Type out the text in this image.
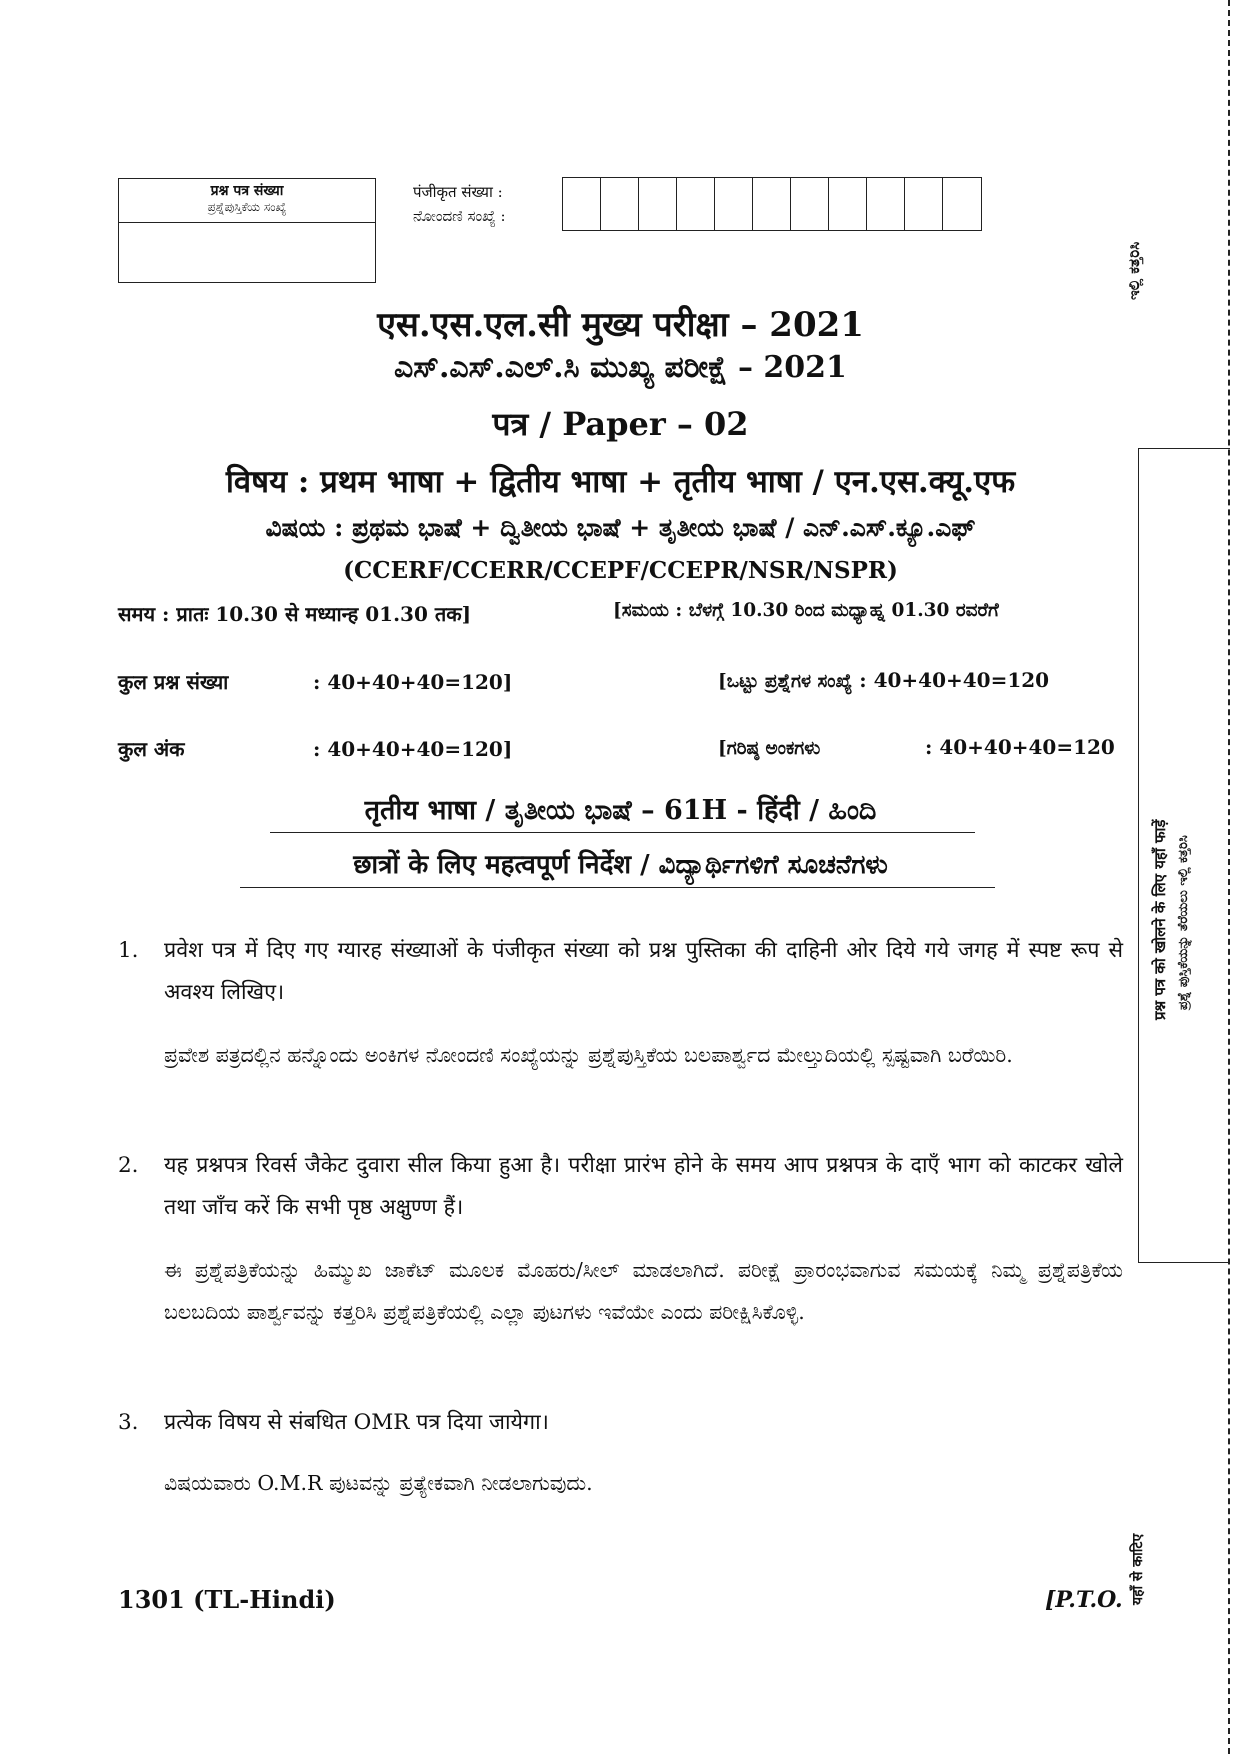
प्रश्न पत्र संख्या
ಪ್ರಶ್ನೆಪುಸ್ತಿಕೆಯ ಸಂಖ್ಯೆ
पंजीकृत संख्या :
ನೋಂದಣಿ ಸಂಖ್ಯೆ :
एस.एस.एल.सी मुख्य परीक्षा – 2021
ಎಸ್.ಎಸ್.ಎಲ್.ಸಿ ಮುಖ್ಯ ಪರೀಕ್ಷೆ – 2021
पत्र / Paper – 02
विषय : प्रथम भाषा + द्वितीय भाषा + तृतीय भाषा / एन.एस.क्यू.एफ
ವಿಷಯ : ಪ್ರಥಮ ಭಾಷೆ + ದ್ವಿತೀಯ ಭಾಷೆ + ತೃತೀಯ ಭಾಷೆ / ಎನ್.ಎಸ್.ಕ್ಯೂ.ಎಫ್
(CCERF/CCERR/CCEPF/CCEPR/NSR/NSPR)
समय : प्रातः 10.30 से मध्यान्ह 01.30 तक]	[ಸಮಯ : ಬೆಳಗ್ಗೆ 10.30 ರಿಂದ ಮಧ್ಯಾಹ್ನ 01.30 ರವರೆಗೆ
कुल प्रश्न संख्या	: 40+40+40=120]	[ಒಟ್ಟು ಪ್ರಶ್ನೆಗಳ ಸಂಖ್ಯೆ : 40+40+40=120
कुल अंक	: 40+40+40=120]	[ಗರಿಷ್ಠ ಅಂಕಗಳು	: 40+40+40=120
तृतीय भाषा / ತೃತೀಯ ಭಾಷೆ – 61H - हिंदी / ಹಿಂದಿ
छात्रों के लिए महत्वपूर्ण निर्देश / ವಿದ್ಯಾರ್ಥಿಗಳಿಗೆ ಸೂಚನೆಗಳು
1.	प्रवेश पत्र में दिए गए ग्यारह संख्याओं के पंजीकृत संख्या को प्रश्न पुस्तिका की दाहिनी ओर दिये गये जगह में स्पष्ट रूप से अवश्य लिखिए।
ಪ್ರವೇಶ ಪತ್ರದಲ್ಲಿನ ಹನ್ನೊಂದು ಅಂಕಿಗಳ ನೋಂದಣಿ ಸಂಖ್ಯೆಯನ್ನು ಪ್ರಶ್ನೆಪುಸ್ತಿಕೆಯ ಬಲಪಾರ್ಶ್ವದ ಮೇಲ್ತುದಿಯಲ್ಲಿ ಸ್ಪಷ್ಟವಾಗಿ ಬರೆಯಿರಿ.
2.	यह प्रश्नपत्र रिवर्स जैकेट दुवारा सील किया हुआ है। परीक्षा प्रारंभ होने के समय आप प्रश्नपत्र के दाएँ भाग को काटकर खोले तथा जाँच करें कि सभी पृष्ठ अक्षुण्ण हैं।
ಈ ಪ್ರಶ್ನೆಪತ್ರಿಕೆಯನ್ನು ಹಿಮ್ಮುಖ ಜಾಕೆಟ್ ಮೂಲಕ ಮೊಹರು/ಸೀಲ್ ಮಾಡಲಾಗಿದೆ. ಪರೀಕ್ಷೆ ಪ್ರಾರಂಭವಾಗುವ ಸಮಯಕ್ಕೆ ನಿಮ್ಮ ಪ್ರಶ್ನೆಪತ್ರಿಕೆಯ ಬಲಬದಿಯ ಪಾರ್ಶ್ವವನ್ನು ಕತ್ತರಿಸಿ ಪ್ರಶ್ನೆಪತ್ರಿಕೆಯಲ್ಲಿ ಎಲ್ಲಾ ಪುಟಗಳು ಇವೆಯೇ ಎಂದು ಪರೀಕ್ಷಿಸಿಕೊಳ್ಳಿ.
3.	प्रत्येक विषय से संबधित OMR पत्र दिया जायेगा।
ವಿಷಯವಾರು O.M.R ಪುಟವನ್ನು ಪ್ರತ್ಯೇಕವಾಗಿ ನೀಡಲಾಗುವುದು.
1301 (TL-Hindi)	[P.T.O.
ಇಲ್ಲಿ ಕತ್ತರಿಸಿ
प्रश्न पत्र को खोलने के लिए यहाँ फाड़ें ಪ್ರಶ್ನೆ ಪುಸ್ತಿಕೆಯನ್ನು ತೆರೆಯಲು ಇಲ್ಲಿ ಕತ್ತರಿಸಿ
यहाँ से काटिए
